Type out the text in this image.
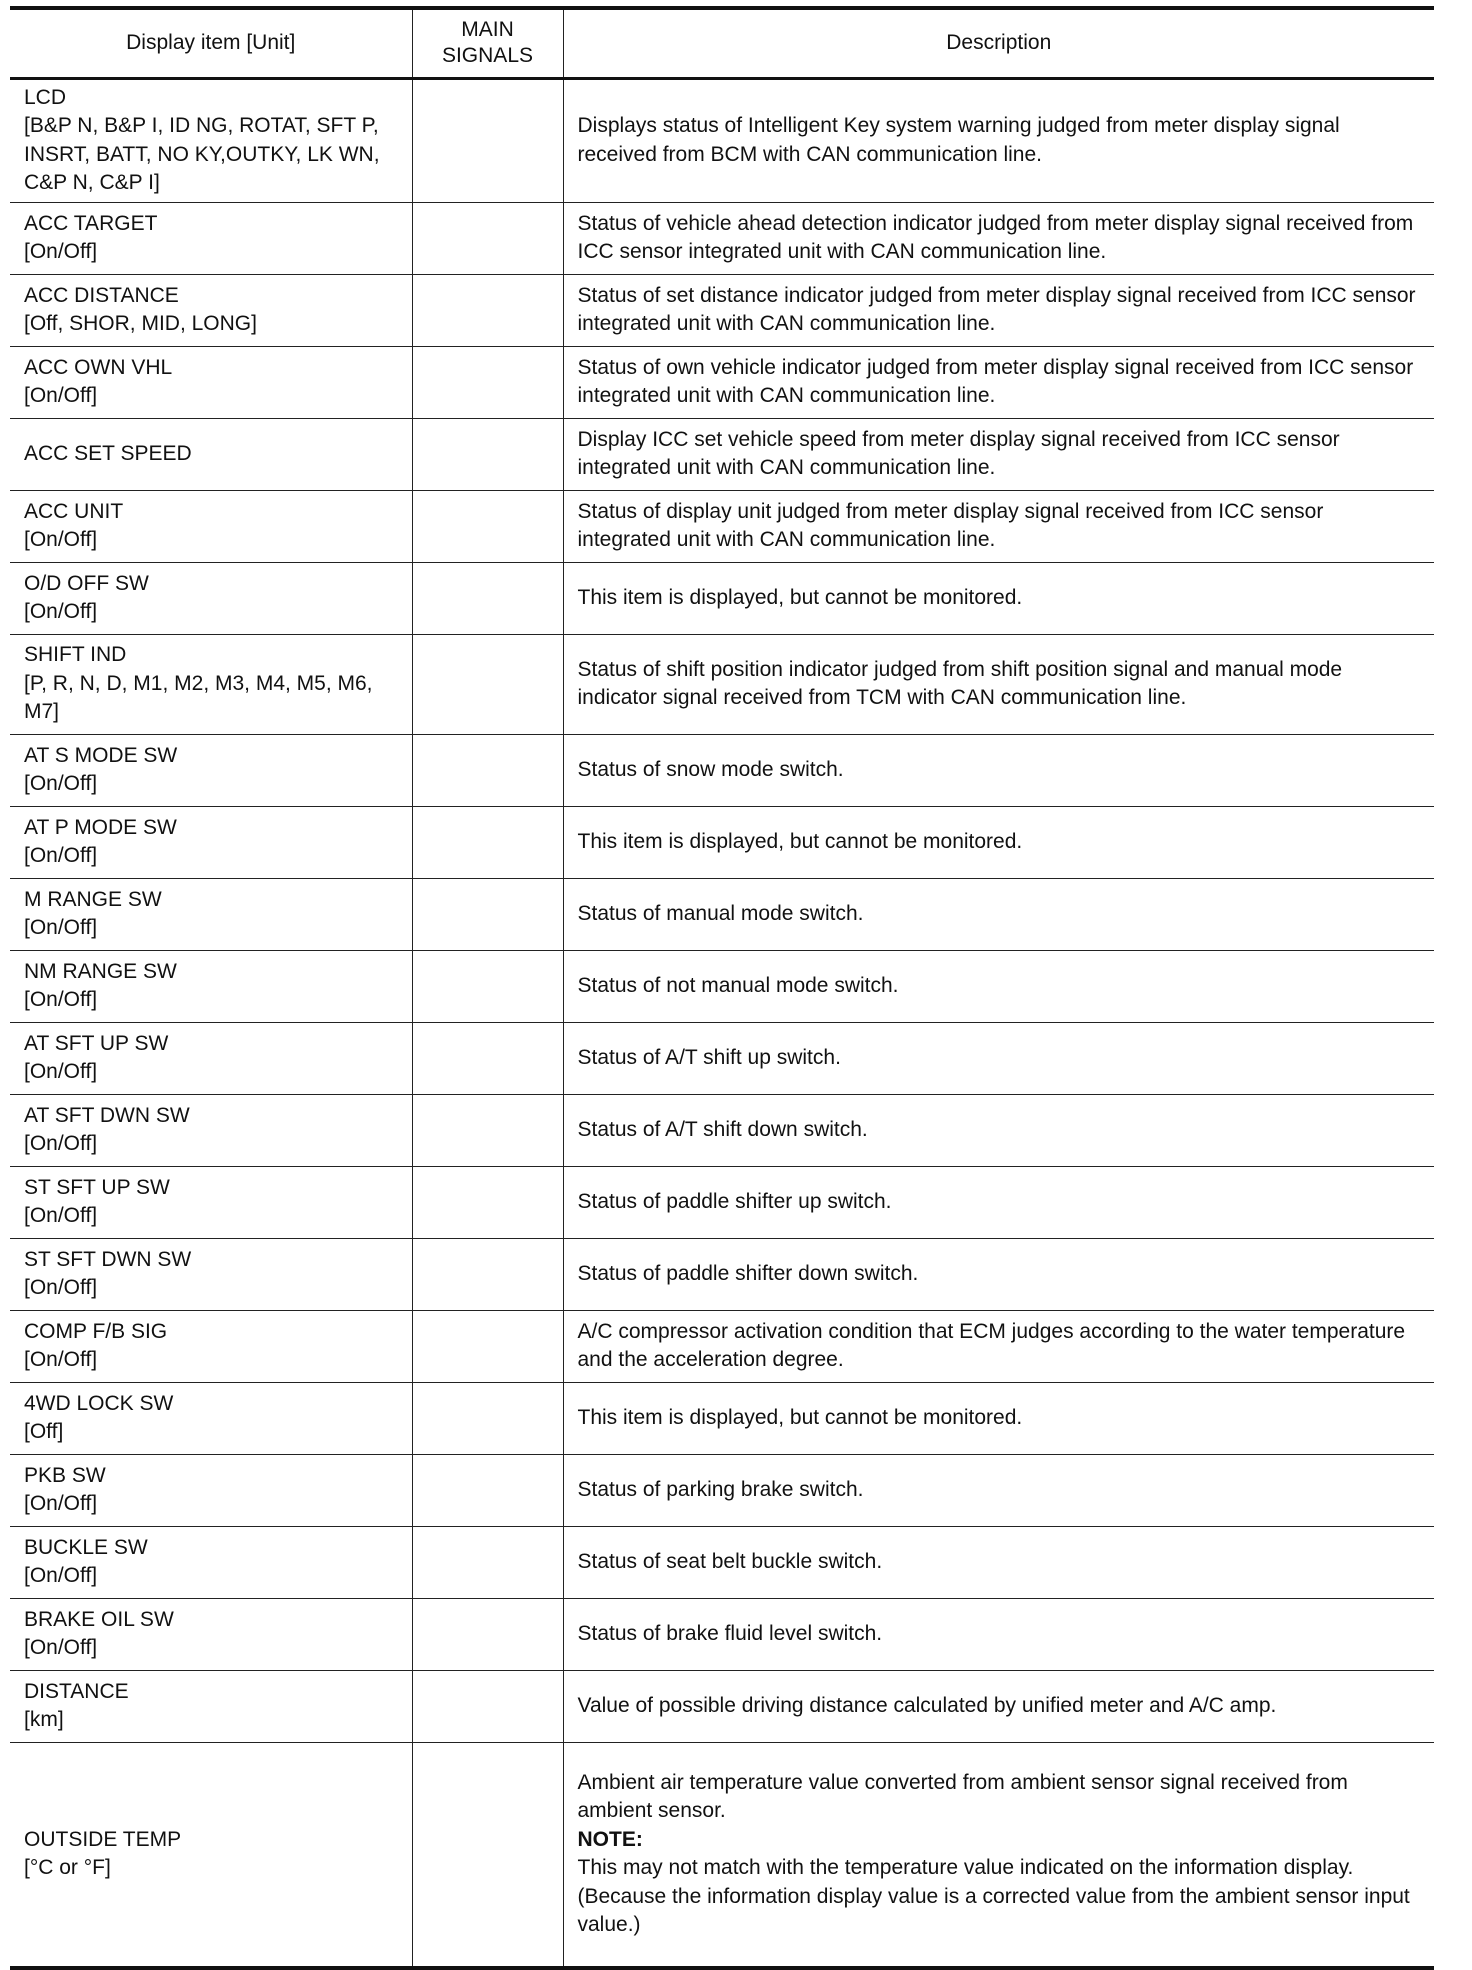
Display item [Unit]	MAIN
SIGNALS	Description

LCD
[B&P N, B&P I, ID NG, ROTAT, SFT P, INSRT, BATT, NO KY,OUTKY, LK WN, C&P N, C&P I]		Displays status of Intelligent Key system warning judged from meter display signal received from BCM with CAN communication line.

ACC TARGET
[On/Off]		Status of vehicle ahead detection indicator judged from meter display signal received from ICC sensor integrated unit with CAN communication line.

ACC DISTANCE
[Off, SHOR, MID, LONG]		Status of set distance indicator judged from meter display signal received from ICC sensor integrated unit with CAN communication line.

ACC OWN VHL
[On/Off]		Status of own vehicle indicator judged from meter display signal received from ICC sensor integrated unit with CAN communication line.

ACC SET SPEED		Display ICC set vehicle speed from meter display signal received from ICC sensor integrated unit with CAN communication line.

ACC UNIT
[On/Off]		Status of display unit judged from meter display signal received from ICC sensor integrated unit with CAN communication line.

O/D OFF SW
[On/Off]		This item is displayed, but cannot be monitored.

SHIFT IND
[P, R, N, D, M1, M2, M3, M4, M5, M6, M7]		Status of shift position indicator judged from shift position signal and manual mode indicator signal received from TCM with CAN communication line.

AT S MODE SW
[On/Off]		Status of snow mode switch.

AT P MODE SW
[On/Off]		This item is displayed, but cannot be monitored.

M RANGE SW
[On/Off]		Status of manual mode switch.

NM RANGE SW
[On/Off]		Status of not manual mode switch.

AT SFT UP SW
[On/Off]		Status of A/T shift up switch.

AT SFT DWN SW
[On/Off]		Status of A/T shift down switch.

ST SFT UP SW
[On/Off]		Status of paddle shifter up switch.

ST SFT DWN SW
[On/Off]		Status of paddle shifter down switch.

COMP F/B SIG
[On/Off]		A/C compressor activation condition that ECM judges according to the water temperature and the acceleration degree.

4WD LOCK SW
[Off]		This item is displayed, but cannot be monitored.

PKB SW
[On/Off]		Status of parking brake switch.

BUCKLE SW
[On/Off]		Status of seat belt buckle switch.

BRAKE OIL SW
[On/Off]		Status of brake fluid level switch.

DISTANCE
[km]		Value of possible driving distance calculated by unified meter and A/C amp.

OUTSIDE TEMP
[°C or °F]		Ambient air temperature value converted from ambient sensor signal received from ambient sensor.
NOTE:
This may not match with the temperature value indicated on the information display. (Because the information display value is a corrected value from the ambient sensor input value.)
